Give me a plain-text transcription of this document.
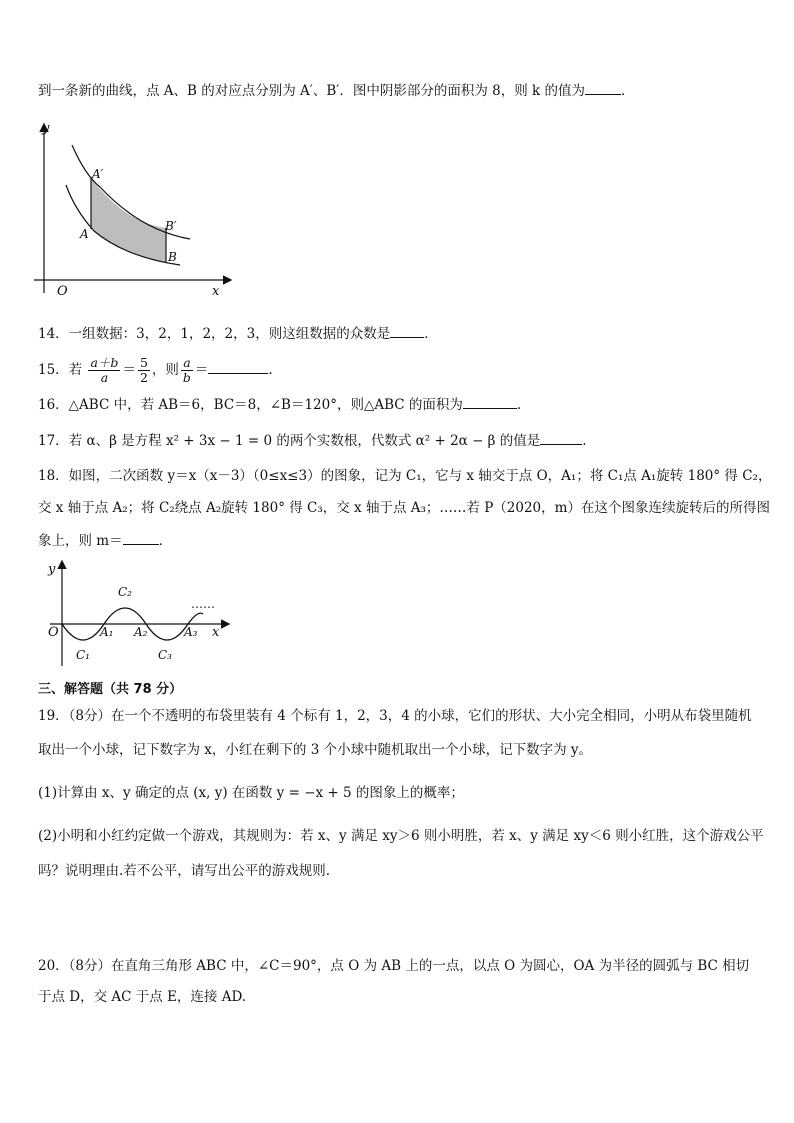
到一条新的曲线，点 A、B 的对应点分别为 A′、B′．图中阴影部分的面积为 8，则 k 的值为	．
y
x
O
A′
A
B′
B
14．一组数据：3，2，1，2，2，3，则这组数据的众数是	．
15．若 $\frac{a+b}{a} = \frac{5}{2}$ ，则 $\frac{a}{b}$ ＝	.
16．△ABC 中，若 AB＝6，BC＝8，∠B＝120°，则△ABC 的面积为	.
17．若 α、β 是方程 x² + 3x − 1 = 0 的两个实数根，代数式 α² + 2α − β 的值是	.
18．如图，二次函数 y＝x（x－3）（0≤x≤3）的图象，记为 C₁，它与 x 轴交于点 O，A₁；将 C₁点 A₁旋转 180° 得 C₂，
交 x 轴于点 A₂；将 C₂绕点 A₂旋转 180° 得 C₃，交 x 轴于点 A₃；……若 P（2020，m）在这个图象连续旋转后的所得图
象上，则 m＝	．
y
x
O	A₁ A₂	A₃
C₁
C₂
C₃
……
三、解答题（共 78 分）
19．（8分）在一个不透明的布袋里装有 4 个标有 1，2，3，4 的小球，它们的形状、大小完全相同，小明从布袋里随机
取出一个小球，记下数字为 x，小红在剩下的 3 个小球中随机取出一个小球，记下数字为 y。
(1)计算由 x、y 确定的点 (x, y) 在函数 y = −x + 5 的图象上的概率；
(2)小明和小红约定做一个游戏，其规则为：若 x、y 满足 xy＞6 则小明胜，若 x、y 满足 xy＜6 则小红胜，这个游戏公平
吗？说明理由.若不公平，请写出公平的游戏规则.
20．（8分）在直角三角形 ABC 中，∠C＝90°，点 O 为 AB 上的一点，以点 O 为圆心，OA 为半径的圆弧与 BC 相切
于点 D，交 AC 于点 E，连接 AD.
